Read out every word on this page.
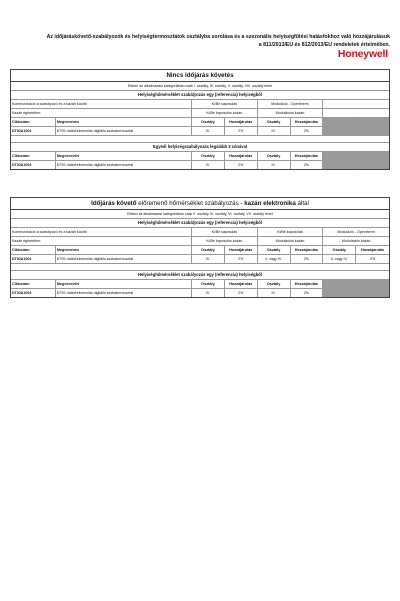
Az időjáráskövető-szabályozók és helyiségtermosztátok osztályba sorolása és a szezonális helyiségfűtési hatásfokhoz való hozzájárulásuk
a 811/2013/EU és 812/2013/EU rendeletek értelmében.
Honeywell
Nincs időjárás követés
Ebben az alkalmazási kategóriában csak I. osztály, IV. osztály, V. osztály, VIII. osztály lehet
Helyiséghőmérséklet szabályozás egy (referencia) helyiségből
Kommunikáció a szabályozó és a kazán között:	Ki/Be kapcsolás	Moduláció - Opentherm
Kazán éghetetlen:	Ki/Be kapcsolós kazán	Modulációs kazán
Cikkszám	Megnevezés	Osztály	Hozzájárulás	Osztály	Hozzájárulás
DT92A1004	DT92 rádiófrekvenciás digitális szobatermosztát	IV.	2%	IV.	2%
Egyedi helyiségszabályozás legalább 3 zónával
Cikkszám	Megnevezés	Osztály	Hozzájárulás	Osztály	Hozzájárulás
DT92A1004	DT92 rádiófrekvenciás digitális szobatermosztát	IV.	2%	IV.	2%
Időjárás követő előremenő hőmérséklet szabályozás - kazán elektronika által
Ebben az alkalmazási kategóriában csak II. osztály, III. osztály, VI. osztály, VII. osztály lehet
Helyiséghőmérséklet szabályozás egy (referencia) helyiségből
Kommunikáció a szabályozó és a kazán között:	Ki/Be kapcsolás	Ki/Be kapcsolás	Moduláció - Opentherm
Kazán éghetetlen:	Ki/Be kapcsolós kazán	Modulációs kazán	Modulációs kazán
Cikkszám	Megnevezés	Osztály	Hozzájárulás	Osztály	Hozzájárulás	Osztály	Hozzájárulás
DT92A1004	DT92 rádiófrekvenciás digitális szobatermosztát	IV.	2%	II. vagy IV.	2%	II. vagy IV.	2%
Helyiséghőmérséklet szabályozás egy (referencia) helyiségből
Cikkszám	Megnevezés	Osztály	Hozzájárulás	Osztály	Hozzájárulás
DT92A1004	DT92 rádiófrekvenciás digitális szobatermosztát	IV.	2%	IV.	2%
